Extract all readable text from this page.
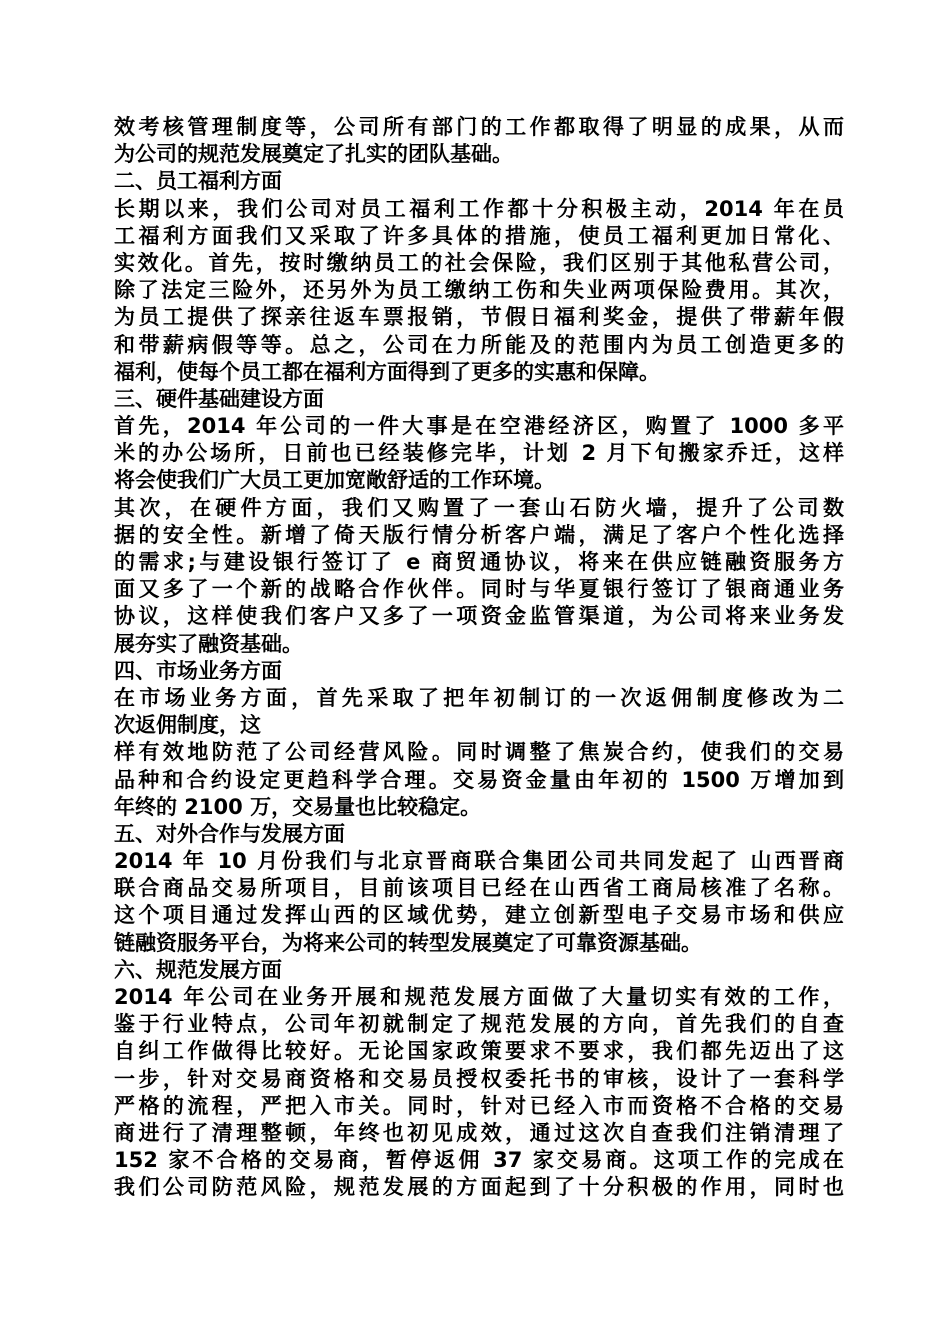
效考核管理制度等，公司所有部门的工作都取得了明显的成果，从而
为公司的规范发展奠定了扎实的团队基础。
二、员工福利方面
长期以来，我们公司对员工福利工作都十分积极主动，2014 年在员
工福利方面我们又采取了许多具体的措施，使员工福利更加日常化、
实效化。首先，按时缴纳员工的社会保险，我们区别于其他私营公司，
除了法定三险外，还另外为员工缴纳工伤和失业两项保险费用。其次，
为员工提供了探亲往返车票报销，节假日福利奖金，提供了带薪年假
和带薪病假等等。总之，公司在力所能及的范围内为员工创造更多的
福利，使每个员工都在福利方面得到了更多的实惠和保障。
三、硬件基础建设方面
首先，2014 年公司的一件大事是在空港经济区，购置了 1000 多平
米的办公场所，日前也已经装修完毕，计划 2 月下旬搬家乔迁，这样
将会使我们广大员工更加宽敞舒适的工作环境。
其次，在硬件方面，我们又购置了一套山石防火墙，提升了公司数
据的安全性。新增了倚天版行情分析客户端，满足了客户个性化选择
的需求;与建设银行签订了 e 商贸通协议，将来在供应链融资服务方
面又多了一个新的战略合作伙伴。同时与华夏银行签订了银商通业务
协议，这样使我们客户又多了一项资金监管渠道，为公司将来业务发
展夯实了融资基础。
四、市场业务方面
在市场业务方面，首先采取了把年初制订的一次返佣制度修改为二
次返佣制度，这
样有效地防范了公司经营风险。同时调整了焦炭合约，使我们的交易
品种和合约设定更趋科学合理。交易资金量由年初的 1500 万增加到
年终的 2100 万，交易量也比较稳定。
五、对外合作与发展方面
2014 年 10 月份我们与北京晋商联合集团公司共同发起了 山西晋商
联合商品交易所项目，目前该项目已经在山西省工商局核准了名称。
这个项目通过发挥山西的区域优势，建立创新型电子交易市场和供应
链融资服务平台，为将来公司的转型发展奠定了可靠资源基础。
六、规范发展方面
2014 年公司在业务开展和规范发展方面做了大量切实有效的工作，
鉴于行业特点，公司年初就制定了规范发展的方向，首先我们的自查
自纠工作做得比较好。无论国家政策要求不要求，我们都先迈出了这
一步，针对交易商资格和交易员授权委托书的审核，设计了一套科学
严格的流程，严把入市关。同时，针对已经入市而资格不合格的交易
商进行了清理整顿，年终也初见成效，通过这次自查我们注销清理了
152 家不合格的交易商，暂停返佣 37 家交易商。这项工作的完成在
我们公司防范风险，规范发展的方面起到了十分积极的作用，同时也
